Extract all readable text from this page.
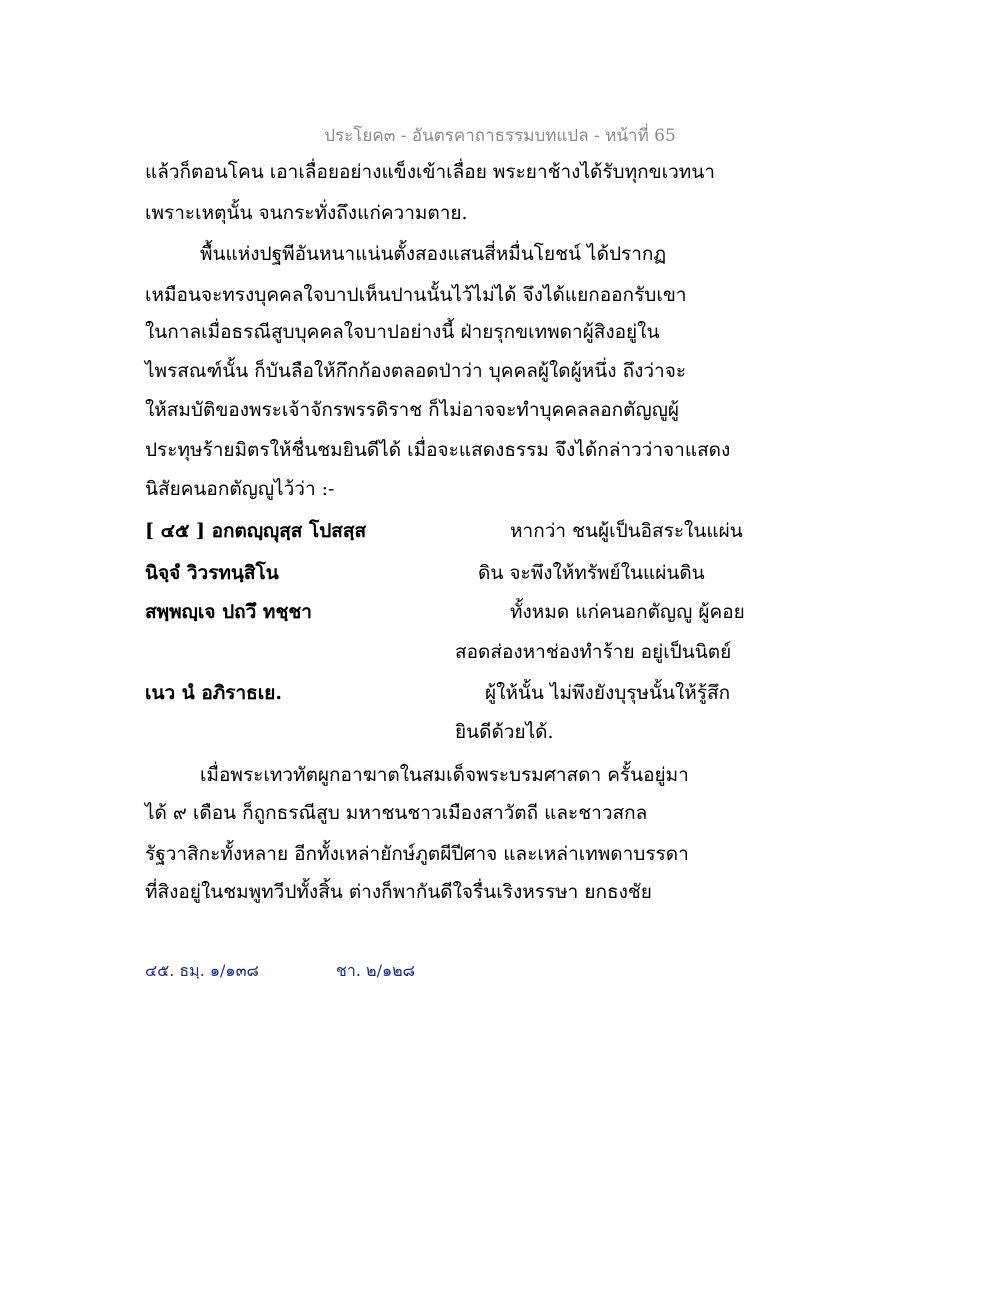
ประโยค๓ - อันตรคาถาธรรมบทแปล - หน้าที่ 65
แล้วก็ตอนโคน เอาเลื่อยอย่างแข็งเข้าเลื่อย พระยาช้างได้รับทุกขเวทนา
เพราะเหตุนั้น จนกระทั่งถึงแก่ความตาย.
พื้นแห่งปฐพีอันหนาแน่นตั้งสองแสนสี่หมื่นโยชน์ ได้ปรากฏ
เหมือนจะทรงบุคคลใจบาปเห็นปานนั้นไว้ไม่ได้ จึงได้แยกออกรับเขา
ในกาลเมื่อธรณีสูบบุคคลใจบาปอย่างนี้ ฝ่ายรุกขเทพดาผู้สิงอยู่ใน
ไพรสณฑ์นั้น ก็บันลือให้กึกก้องตลอดป่าว่า บุคคลผู้ใดผู้หนึ่ง ถึงว่าจะ
ให้สมบัติของพระเจ้าจักรพรรดิราช ก็ไม่อาจจะทำบุคคลลอกตัญญูผู้
ประทุษร้ายมิตรให้ชื่นชมยินดีได้ เมื่อจะแสดงธรรม จึงได้กล่าวว่าจาแสดง
นิสัยคนอกตัญญูไว้ว่า :-
[ ๔๕ ] อกตญฺญุสฺส โปสสฺส
นิจฺจํ วิวรทนฺสิโน
สพฺพญฺเจ ปถวึ ทชฺชา
เนว นํ อภิราธเย.
หากว่า ชนผู้เป็นอิสระในแผ่น
ดิน จะพึงให้ทรัพย์ในแผ่นดิน
ทั้งหมด แก่คนอกตัญญู ผู้คอย
สอดส่องหาช่องทำร้าย อยู่เป็นนิตย์
ผู้ให้นั้น ไม่พึงยังบุรุษนั้นให้รู้สึก
ยินดีด้วยได้.
เมื่อพระเทวทัตผูกอาฆาตในสมเด็จพระบรมศาสดา ครั้นอยู่มา
ได้ ๙ เดือน ก็ถูกธรณีสูบ มหาชนชาวเมืองสาวัตถี และชาวสกล
รัฐวาสิกะทั้งหลาย อีกทั้งเหล่ายักษ์ภูตผีปีศาจ และเหล่าเทพดาบรรดา
ที่สิงอยู่ในชมพูทวีปทั้งสิ้น ต่างก็พากันดีใจรื่นเริงหรรษา ยกธงชัย
๔๕. ธมฺ. ๑/๑๓๘	ชา. ๒/๑๒๘
